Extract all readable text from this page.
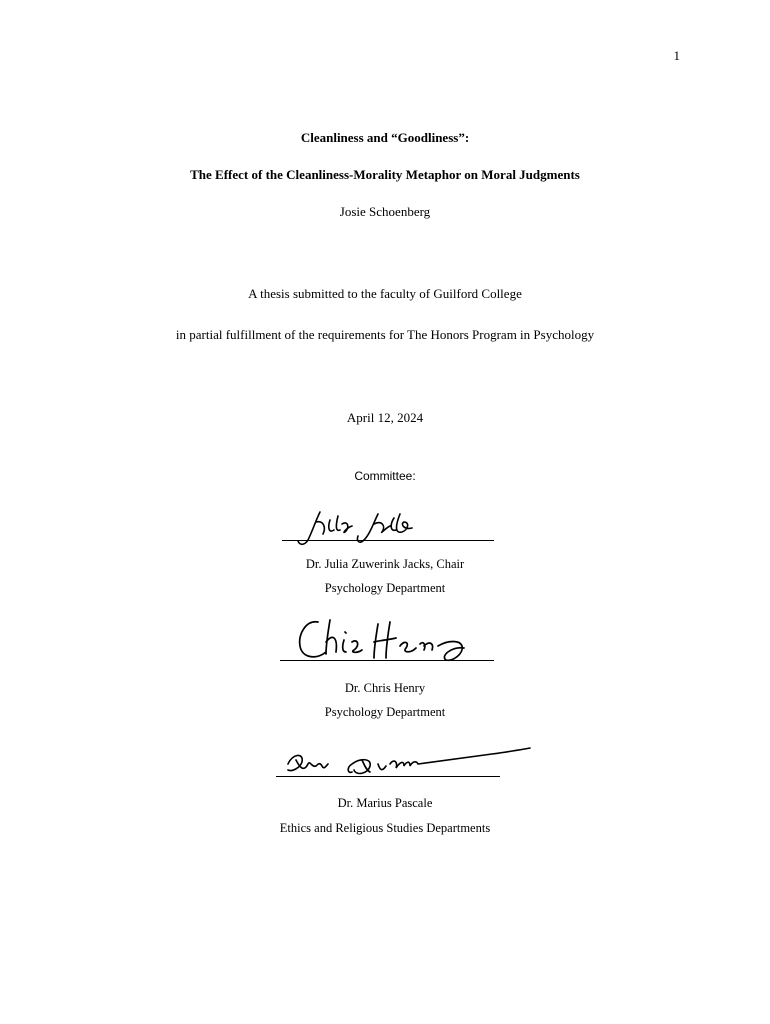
1
Cleanliness and “Goodliness”:
The Effect of the Cleanliness-Morality Metaphor on Moral Judgments
Josie Schoenberg
A thesis submitted to the faculty of Guilford College
in partial fulfillment of the requirements for The Honors Program in Psychology
April 12, 2024
Committee:
Dr. Julia Zuwerink Jacks, Chair
Psychology Department
Dr. Chris Henry
Psychology Department
Dr. Marius Pascale
Ethics and Religious Studies Departments
